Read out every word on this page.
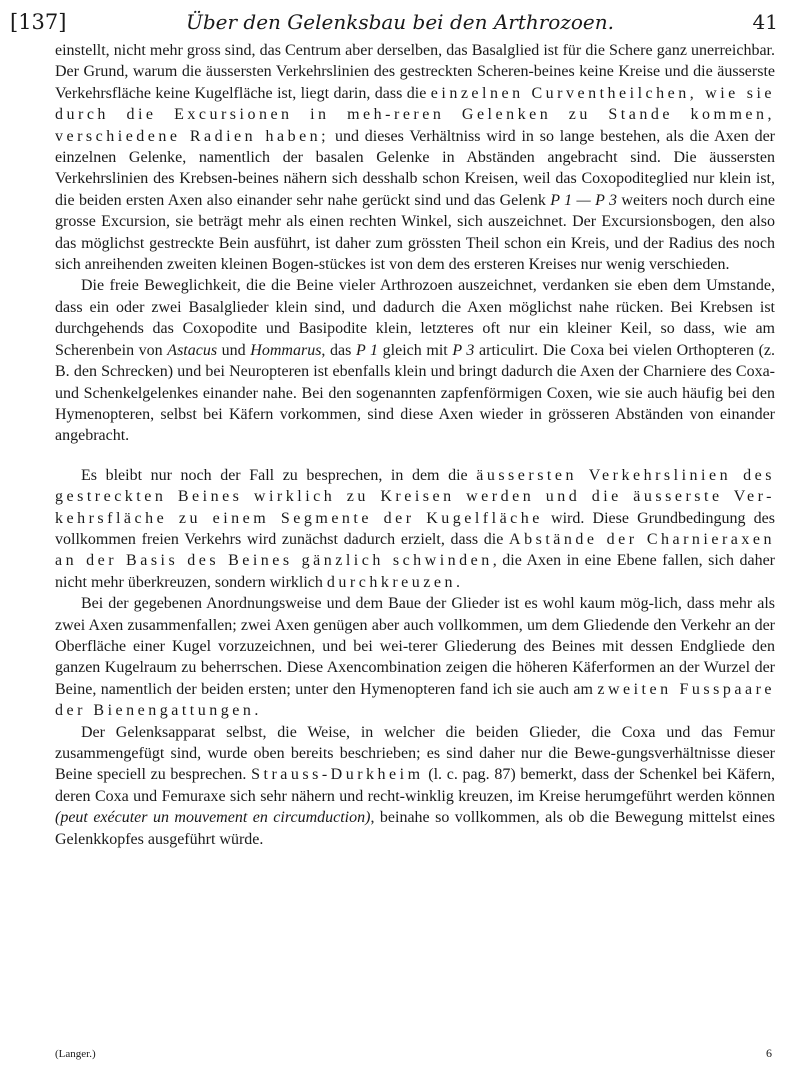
[137]	Über den Gelenksbau bei den Arthrozoen.	41

einstellt, nicht mehr gross sind, das Centrum aber derselben, das Basalglied ist für die Schere ganz unerreichbar. Der Grund, warum die äussersten Verkehrslinien des gestreckten Scheren-beines keine Kreise und die äusserste Verkehrsfläche keine Kugelfläche ist, liegt darin, dass die einzelnen Curventheilchen, wie sie durch die Excursionen in meh-reren Gelenken zu Stande kommen, verschiedene Radien haben; und dieses Verhältniss wird in so lange bestehen, als die Axen der einzelnen Gelenke, namentlich der basalen Gelenke in Abständen angebracht sind. Die äussersten Verkehrslinien des Krebsen-beines nähern sich desshalb schon Kreisen, weil das Coxopoditeglied nur klein ist, die beiden ersten Axen also einander sehr nahe gerückt sind und das Gelenk P 1 — P 3 weiters noch durch eine grosse Excursion, sie beträgt mehr als einen rechten Winkel, sich auszeichnet. Der Excursionsbogen, den also das möglichst gestreckte Bein ausführt, ist daher zum grössten Theil schon ein Kreis, und der Radius des noch sich anreihenden zweiten kleinen Bogen-stückes ist von dem des ersteren Kreises nur wenig verschieden.

Die freie Beweglichkeit, die die Beine vieler Arthrozoen auszeichnet, verdanken sie eben dem Umstande, dass ein oder zwei Basalglieder klein sind, und dadurch die Axen möglichst nahe rücken. Bei Krebsen ist durchgehends das Coxopodite und Basipodite klein, letzteres oft nur ein kleiner Keil, so dass, wie am Scherenbein von Astacus und Hommarus, das P 1 gleich mit P 3 articulirt. Die Coxa bei vielen Orthopteren (z. B. den Schrecken) und bei Neuropteren ist ebenfalls klein und bringt dadurch die Axen der Charniere des Coxa- und Schenkelgelenkes einander nahe. Bei den sogenannten zapfenförmigen Coxen, wie sie auch häufig bei den Hymenopteren, selbst bei Käfern vorkommen, sind diese Axen wieder in grösseren Abständen von einander angebracht.

Es bleibt nur noch der Fall zu besprechen, in dem die äussersten Verkehrslinien des gestreckten Beines wirklich zu Kreisen werden und die äusserste Ver-kehrsfläche zu einem Segmente der Kugelfläche wird. Diese Grundbedingung des vollkommen freien Verkehrs wird zunächst dadurch erzielt, dass die Abstände der Charnieraxen an der Basis des Beines gänzlich schwinden, die Axen in eine Ebene fallen, sich daher nicht mehr überkreuzen, sondern wirklich durchkreuzen.

Bei der gegebenen Anordnungsweise und dem Baue der Glieder ist es wohl kaum mög-lich, dass mehr als zwei Axen zusammenfallen; zwei Axen genügen aber auch vollkommen, um dem Gliedende den Verkehr an der Oberfläche einer Kugel vorzuzeichnen, und bei wei-terer Gliederung des Beines mit dessen Endgliede den ganzen Kugelraum zu beherrschen. Diese Axencombination zeigen die höheren Käferformen an der Wurzel der Beine, namentlich der beiden ersten; unter den Hymenopteren fand ich sie auch am zweiten Fusspaare der Bienengattungen.

Der Gelenksapparat selbst, die Weise, in welcher die beiden Glieder, die Coxa und das Femur zusammengefügt sind, wurde oben bereits beschrieben; es sind daher nur die Bewe-gungsverhältnisse dieser Beine speciell zu besprechen. Strauss-Durkheim (l. c. pag. 87) bemerkt, dass der Schenkel bei Käfern, deren Coxa und Femuraxe sich sehr nähern und recht-winklig kreuzen, im Kreise herumgeführt werden können (peut exécuter un mouvement en circumduction), beinahe so vollkommen, als ob die Bewegung mittelst eines Gelenkkopfes ausgeführt würde.

(Langer.)	6
